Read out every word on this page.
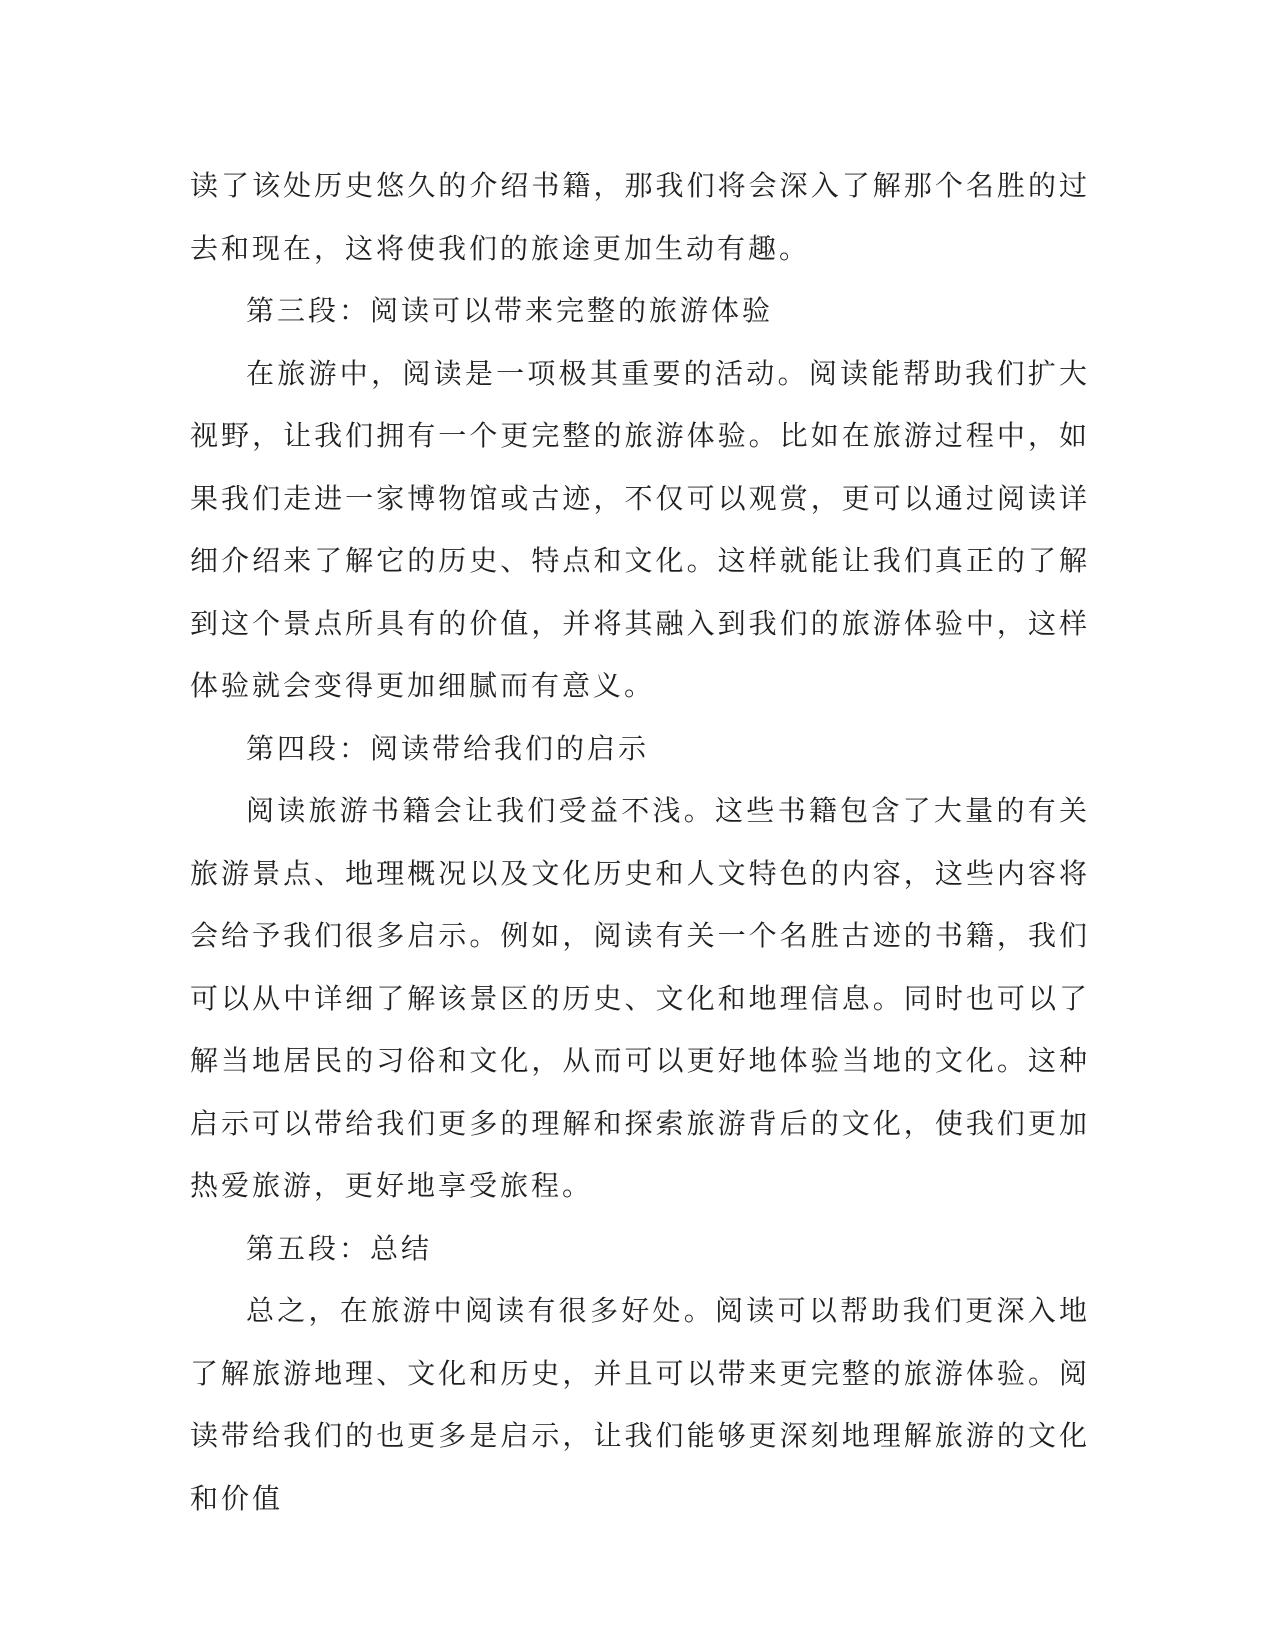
读了该处历史悠久的介绍书籍，那我们将会深入了解那个名胜的过去和现在，这将使我们的旅途更加生动有趣。

第三段：阅读可以带来完整的旅游体验

在旅游中，阅读是一项极其重要的活动。阅读能帮助我们扩大视野，让我们拥有一个更完整的旅游体验。比如在旅游过程中，如果我们走进一家博物馆或古迹，不仅可以观赏，更可以通过阅读详细介绍来了解它的历史、特点和文化。这样就能让我们真正的了解到这个景点所具有的价值，并将其融入到我们的旅游体验中，这样体验就会变得更加细腻而有意义。

第四段：阅读带给我们的启示

阅读旅游书籍会让我们受益不浅。这些书籍包含了大量的有关旅游景点、地理概况以及文化历史和人文特色的内容，这些内容将会给予我们很多启示。例如，阅读有关一个名胜古迹的书籍，我们可以从中详细了解该景区的历史、文化和地理信息。同时也可以了解当地居民的习俗和文化，从而可以更好地体验当地的文化。这种启示可以带给我们更多的理解和探索旅游背后的文化，使我们更加热爱旅游，更好地享受旅程。

第五段：总结

总之，在旅游中阅读有很多好处。阅读可以帮助我们更深入地了解旅游地理、文化和历史，并且可以带来更完整的旅游体验。阅读带给我们的也更多是启示，让我们能够更深刻地理解旅游的文化和价值
